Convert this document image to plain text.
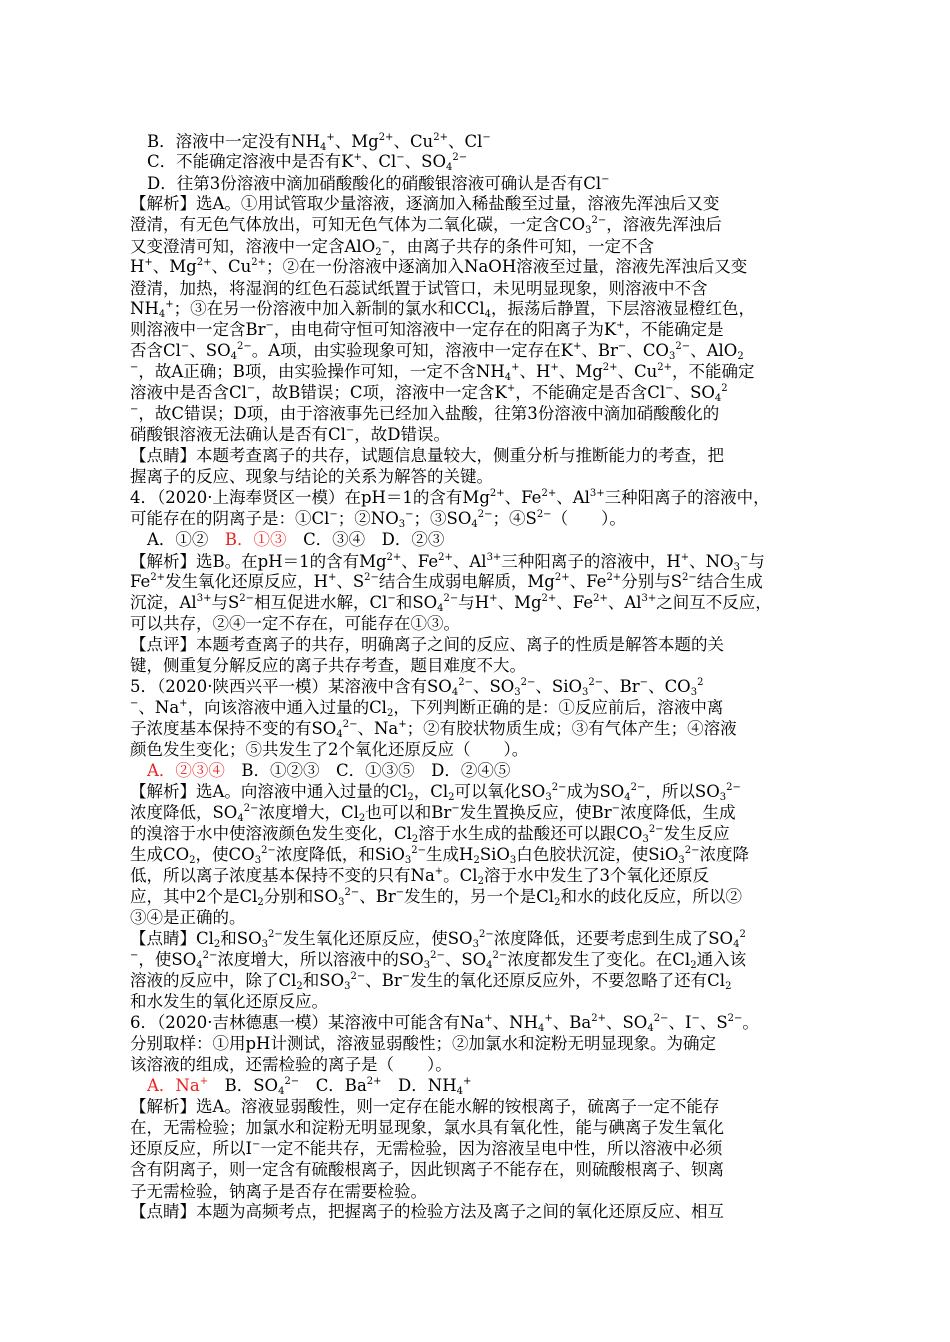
B．溶液中一定没有NH4+、$Mg^{2+}$、$Cu^{2+}$、Cl−
C．不能确定溶液中是否有K+、Cl−、$SO4^{2-}$
D．往第3份溶液中滴加硝酸酸化的硝酸银溶液可确认是否有Cl−
【解析】选A。①用试管取少量溶液，逐滴加入稀盐酸至过量，溶液先浑浊后又变
澄清，有无色气体放出，可知无色气体为二氧化碳，一定含$CO3^{2-}$，溶液先浑浊后
又变澄清可知，溶液中一定含AlO2−，由离子共存的条件可知，一定不含
H+、$Mg^{2+}$、$Cu^{2+}$；②在一份溶液中逐滴加入NaOH溶液至过量，溶液先浑浊后又变
澄清，加热，将湿润的红色石蕊试纸置于试管口，未见明显现象，则溶液中不含
NH4+；③在另一份溶液中加入新制的氯水和CCl4，振荡后静置，下层溶液显橙红色，
则溶液中一定含Br−，由电荷守恒可知溶液中一定存在的阳离子为K+，不能确定是
否含Cl−、$SO4^{2-}$。A项，由实验现象可知，溶液中一定存在K+、Br−、$CO3^{2-}$、AlO2
−，故A正确；B项，由实验操作可知，一定不含NH4+、H+、$Mg^{2+}$、$Cu^{2+}$，不能确定
溶液中是否含Cl−，故B错误；C项，溶液中一定含K+，不能确定是否含Cl−、$SO4^2$
−，故C错误；D项，由于溶液事先已经加入盐酸，往第3份溶液中滴加硝酸酸化的
硝酸银溶液无法确认是否有Cl−，故D错误。
【点睛】本题考查离子的共存，试题信息量较大，侧重分析与推断能力的考查，把
握离子的反应、现象与结论的关系为解答的关键。
4．（2020·上海奉贤区一模）在pH＝1的含有$Mg^{2+}$、$Fe^{2+}$、$Al^{3+}$三种阳离子的溶液中，
可能存在的阴离子是：①Cl−；②NO3−；$③SO4^{2-}$；$④S^{2-}$（　　）。
A．①②　B．①③　C．③④　D．②③
【解析】选B。在pH＝1的含有$Mg^{2+}$、$Fe^{2+}$、$Al^{3+}$三种阳离子的溶液中，H+、NO3−与
$Fe^{2+}$发生氧化还原反应，H+、$S^{2-}$结合生成弱电解质，$Mg^{2+}$、$Fe^{2+}$分别与$S^{2-}$结合生成
沉淀，$Al^{3+}$与$S^{2-}$相互促进水解，Cl−和$SO4^{2-}$与H+、$Mg^{2+}$、$Fe^{2+}$、$Al^{3+}$之间互不反应，
可以共存，②④一定不存在，可能存在①③。
【点评】本题考查离子的共存，明确离子之间的反应、离子的性质是解答本题的关
键，侧重复分解反应的离子共存考查，题目难度不大。
5．（2020·陕西兴平一模）某溶液中含有$SO4^{2-}$、$SO3^{2-}$、$SiO3^{2-}$、Br−、$CO3^2$
−、Na+，向该溶液中通入过量的Cl2，下列判断正确的是：①反应前后，溶液中离
子浓度基本保持不变的有$SO4^{2-}$、Na+；②有胶状物质生成；③有气体产生；④溶液
颜色发生变化；⑤共发生了2个氧化还原反应（　　）。
A．②③④　B．①②③　C．①③⑤　D．②④⑤
【解析】选A。向溶液中通入过量的Cl2，Cl2可以氧化$SO3^{2-}$成为$SO4^{2-}$，所以$SO3^{2-}$
浓度降低，$SO4^{2-}$浓度增大，Cl2也可以和Br−发生置换反应，使Br−浓度降低，生成
的溴溶于水中使溶液颜色发生变化，Cl2溶于水生成的盐酸还可以跟$CO3^{2-}$发生反应
生成CO2，使$CO3^{2-}$浓度降低，和$SiO3^{2-}$生成H2SiO3白色胶状沉淀，使$SiO3^{2-}$浓度降
低，所以离子浓度基本保持不变的只有Na+。Cl2溶于水中发生了3个氧化还原反
应，其中2个是Cl2分别和$SO3^{2-}$、Br−发生的，另一个是Cl2和水的歧化反应，所以②
③④是正确的。
【点睛】Cl2和$SO3^{2-}$发生氧化还原反应，使$SO3^{2-}$浓度降低，还要考虑到生成了$SO4^2$
−，使$SO4^{2-}$浓度增大，所以溶液中的$SO3^{2-}$、$SO4^{2-}$浓度都发生了变化。在Cl2通入该
溶液的反应中，除了Cl2和$SO3^{2-}$、Br−发生的氧化还原反应外，不要忽略了还有Cl2
和水发生的氧化还原反应。
6．（2020·吉林德惠一模）某溶液中可能含有Na+、NH4+、$Ba^{2+}$、$SO4^{2-}$、I−、$S^{2-}$。
分别取样：①用pH计测试，溶液显弱酸性；②加氯水和淀粉无明显现象。为确定
该溶液的组成，还需检验的离子是（　　）。
A．Na+　B．$SO4^{2-}$　C．$Ba^{2+}$　D．NH4+
【解析】选A。溶液显弱酸性，则一定存在能水解的铵根离子，硫离子一定不能存
在，无需检验；加氯水和淀粉无明显现象，氯水具有氧化性，能与碘离子发生氧化
还原反应，所以I−一定不能共存，无需检验，因为溶液呈电中性，所以溶液中必须
含有阴离子，则一定含有硫酸根离子，因此钡离子不能存在，则硫酸根离子、钡离
子无需检验，钠离子是否存在需要检验。
【点睛】本题为高频考点，把握离子的检验方法及离子之间的氧化还原反应、相互
